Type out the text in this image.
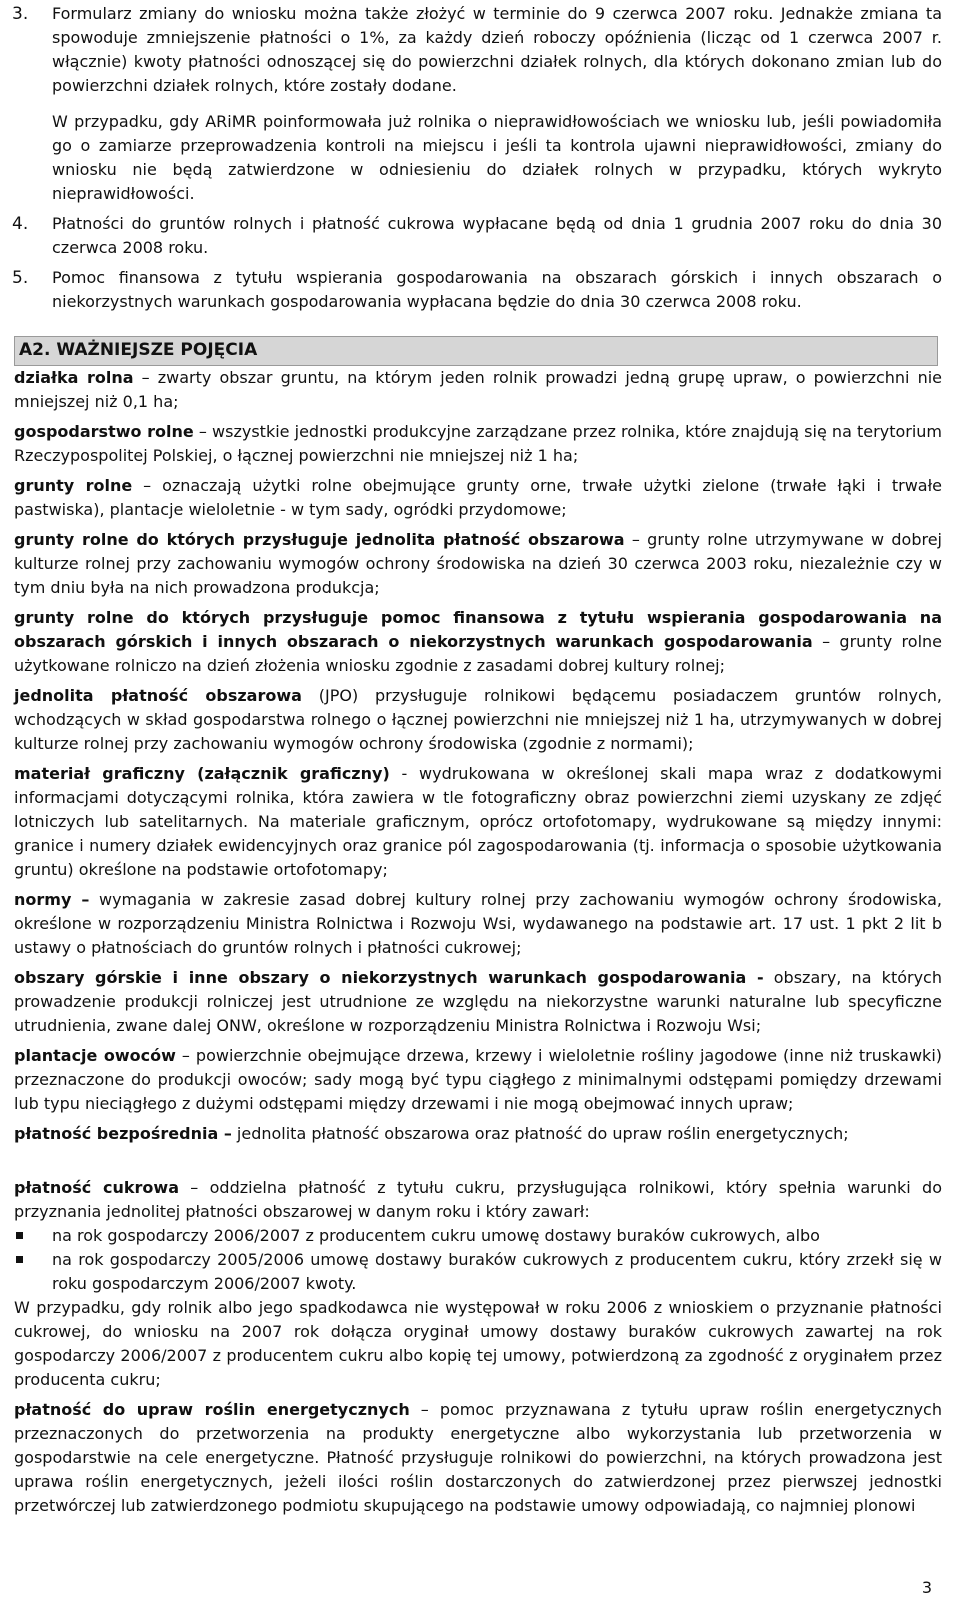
3. Formularz zmiany do wniosku można także złożyć w terminie do 9 czerwca 2007 roku. Jednakże zmiana ta spowoduje zmniejszenie płatności o 1%, za każdy dzień roboczy opóźnienia (licząc od 1 czerwca 2007 r. włącznie) kwoty płatności odnoszącej się do powierzchni działek rolnych, dla których dokonano zmian lub do powierzchni działek rolnych, które zostały dodane.
W przypadku, gdy ARiMR poinformowała już rolnika o nieprawidłowościach we wniosku lub, jeśli powiadomiła go o zamiarze przeprowadzenia kontroli na miejscu i jeśli ta kontrola ujawni nieprawidłowości, zmiany do wniosku nie będą zatwierdzone w odniesieniu do działek rolnych w przypadku, których wykryto nieprawidłowości.
4. Płatności do gruntów rolnych i płatność cukrowa wypłacane będą od dnia 1 grudnia 2007 roku do dnia 30 czerwca 2008 roku.
5. Pomoc finansowa z tytułu wspierania gospodarowania na obszarach górskich i innych obszarach o niekorzystnych warunkach gospodarowania wypłacana będzie do dnia 30 czerwca 2008 roku.
A2. WAŻNIEJSZE POJĘCIA
działka rolna – zwarty obszar gruntu, na którym jeden rolnik prowadzi jedną grupę upraw, o powierzchni nie mniejszej niż 0,1 ha;
gospodarstwo rolne – wszystkie jednostki produkcyjne zarządzane przez rolnika, które znajdują się na terytorium Rzeczypospolitej Polskiej, o łącznej powierzchni nie mniejszej niż 1 ha;
grunty rolne – oznaczają użytki rolne obejmujące grunty orne, trwałe użytki zielone (trwałe łąki i trwałe pastwiska), plantacje wieloletnie - w tym sady, ogródki przydomowe;
grunty rolne do których przysługuje jednolita płatność obszarowa – grunty rolne utrzymywane w dobrej kulturze rolnej przy zachowaniu wymogów ochrony środowiska na dzień 30 czerwca 2003 roku, niezależnie czy w tym dniu była na nich prowadzona produkcja;
grunty rolne do których przysługuje pomoc finansowa z tytułu wspierania gospodarowania na obszarach górskich i innych obszarach o niekorzystnych warunkach gospodarowania – grunty rolne użytkowane rolniczo na dzień złożenia wniosku zgodnie z zasadami dobrej kultury rolnej;
jednolita płatność obszarowa (JPO) przysługuje rolnikowi będącemu posiadaczem gruntów rolnych, wchodzących w skład gospodarstwa rolnego o łącznej powierzchni nie mniejszej niż 1 ha, utrzymywanych w dobrej kulturze rolnej przy zachowaniu wymogów ochrony środowiska (zgodnie z normami);
materiał graficzny (załącznik graficzny) - wydrukowana w określonej skali mapa wraz z dodatkowymi informacjami dotyczącymi rolnika, która zawiera w tle fotograficzny obraz powierzchni ziemi uzyskany ze zdjęć lotniczych lub satelitarnych. Na materiale graficznym, oprócz ortofotomapy, wydrukowane są między innymi: granice i numery działek ewidencyjnych oraz granice pól zagospodarowania (tj. informacja o sposobie użytkowania gruntu) określone na podstawie ortofotomapy;
normy – wymagania w zakresie zasad dobrej kultury rolnej przy zachowaniu wymogów ochrony środowiska, określone w rozporządzeniu Ministra Rolnictwa i Rozwoju Wsi, wydawanego na podstawie art. 17 ust. 1 pkt 2 lit b ustawy o płatnościach do gruntów rolnych i płatności cukrowej;
obszary górskie i inne obszary o niekorzystnych warunkach gospodarowania - obszary, na których prowadzenie produkcji rolniczej jest utrudnione ze względu na niekorzystne warunki naturalne lub specyficzne utrudnienia, zwane dalej ONW, określone w rozporządzeniu Ministra Rolnictwa i Rozwoju Wsi;
plantacje owoców – powierzchnie obejmujące drzewa, krzewy i wieloletnie rośliny jagodowe (inne niż truskawki) przeznaczone do produkcji owoców; sady mogą być typu ciągłego z minimalnymi odstępami pomiędzy drzewami lub typu nieciągłego z dużymi odstępami między drzewami i nie mogą obejmować innych upraw;
płatność bezpośrednia – jednolita płatność obszarowa oraz płatność do upraw roślin energetycznych;
płatność cukrowa – oddzielna płatność z tytułu cukru, przysługująca rolnikowi, który spełnia warunki do przyznania jednolitej płatności obszarowej w danym roku i który zawarł:
na rok gospodarczy 2006/2007 z producentem cukru umowę dostawy buraków cukrowych, albo
na rok gospodarczy 2005/2006 umowę dostawy buraków cukrowych z producentem cukru, który zrzekł się w roku gospodarczym 2006/2007 kwoty.
W przypadku, gdy rolnik albo jego spadkodawca nie występował w roku 2006 z wnioskiem o przyznanie płatności cukrowej, do wniosku na 2007 rok dołącza oryginał umowy dostawy buraków cukrowych zawartej na rok gospodarczy 2006/2007 z producentem cukru albo kopię tej umowy, potwierdzoną za zgodność z oryginałem przez producenta cukru;
płatność do upraw roślin energetycznych – pomoc przyznawana z tytułu upraw roślin energetycznych przeznaczonych do przetworzenia na produkty energetyczne albo wykorzystania lub przetworzenia w gospodarstwie na cele energetyczne. Płatność przysługuje rolnikowi do powierzchni, na których prowadzona jest uprawa roślin energetycznych, jeżeli ilości roślin dostarczonych do zatwierdzonej przez pierwszej jednostki przetwórczej lub zatwierdzonego podmiotu skupującego na podstawie umowy odpowiadają, co najmniej plonowi
3
